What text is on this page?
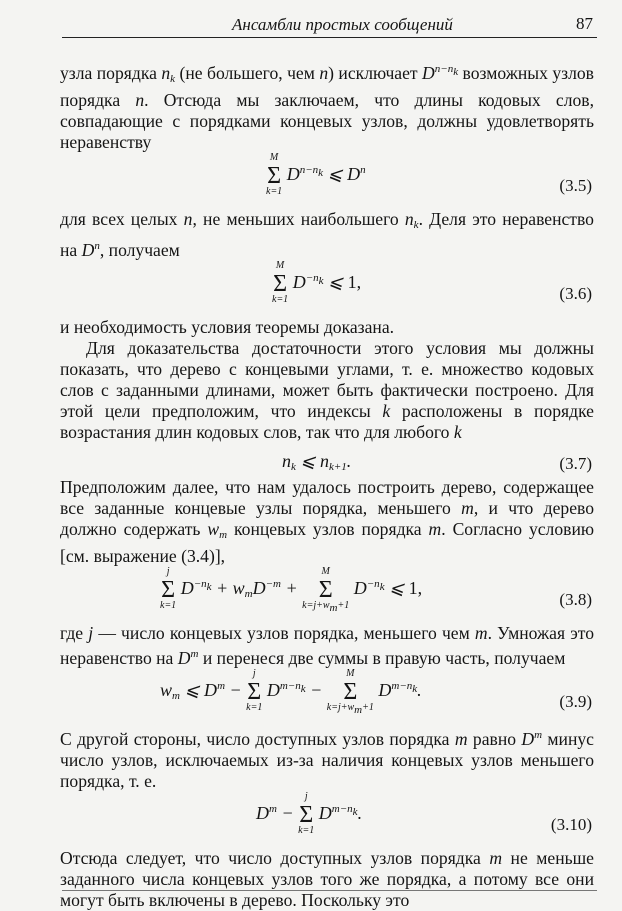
Ансамбли простых сообщений	87

узла порядка $n_k$ (не большего, чем n) исключает $D^{n-n_k}$ возможных узлов порядка n. Отсюда мы заключаем, что длины кодовых слов, совпадающие с порядками концевых узлов, должны удовлетворять неравенству

M
Σ
k=1
$D^{n-n_k}$ ⩽ $D^n$
(3.5)

для всех целых n, не меньших наибольшего $n_k$. Деля это неравенство на $D^n$, получаем

M
Σ
k=1
$D^{-n_k}$ ⩽ 1,
(3.6)

и необходимость условия теоремы доказана.

Для доказательства достаточности этого условия мы должны показать, что дерево с концевыми углами, т. е. множество кодовых слов с заданными длинами, может быть фактически построено. Для этой цели предположим, что индексы k расположены в порядке возрастания длин кодовых слов, так что для любого k

$n_k$ ⩽ $n_{k+1}$.	(3.7)

Предположим далее, что нам удалось построить дерево, содержащее все заданные концевые узлы порядка, меньшего m, и что дерево должно содержать $w_m$ концевых узлов порядка m. Согласно условию [см. выражение (3.4)],

j
Σ
k=1
$D^{-n_k} + w_mD^{-m}$ +
M
Σ
$k=j+w_m+1$
$D^{-n_k}$ ⩽ 1,
(3.8)

где j — число концевых узлов порядка, меньшего чем m. Умножая это неравенство на $D^m$ и перенеся две суммы в правую часть, получаем

$w_m$ ⩽ $D^m$ −
j
Σ
k=1
$D^{m-n_k}$ −
M
Σ
$k=j+w_m+1$
$D^{m-n_k}$.
(3.9)

С другой стороны, число доступных узлов порядка m равно $D^m$ минус число узлов, исключаемых из-за наличия концевых узлов меньшего порядка, т. е.

$D^m$ −
j
Σ
k=1
$D^{m-n_k}$.
(3.10)

Отсюда следует, что число доступных узлов порядка m не меньше заданного числа концевых узлов того же порядка, а потому все они могут быть включены в дерево. Поскольку это
